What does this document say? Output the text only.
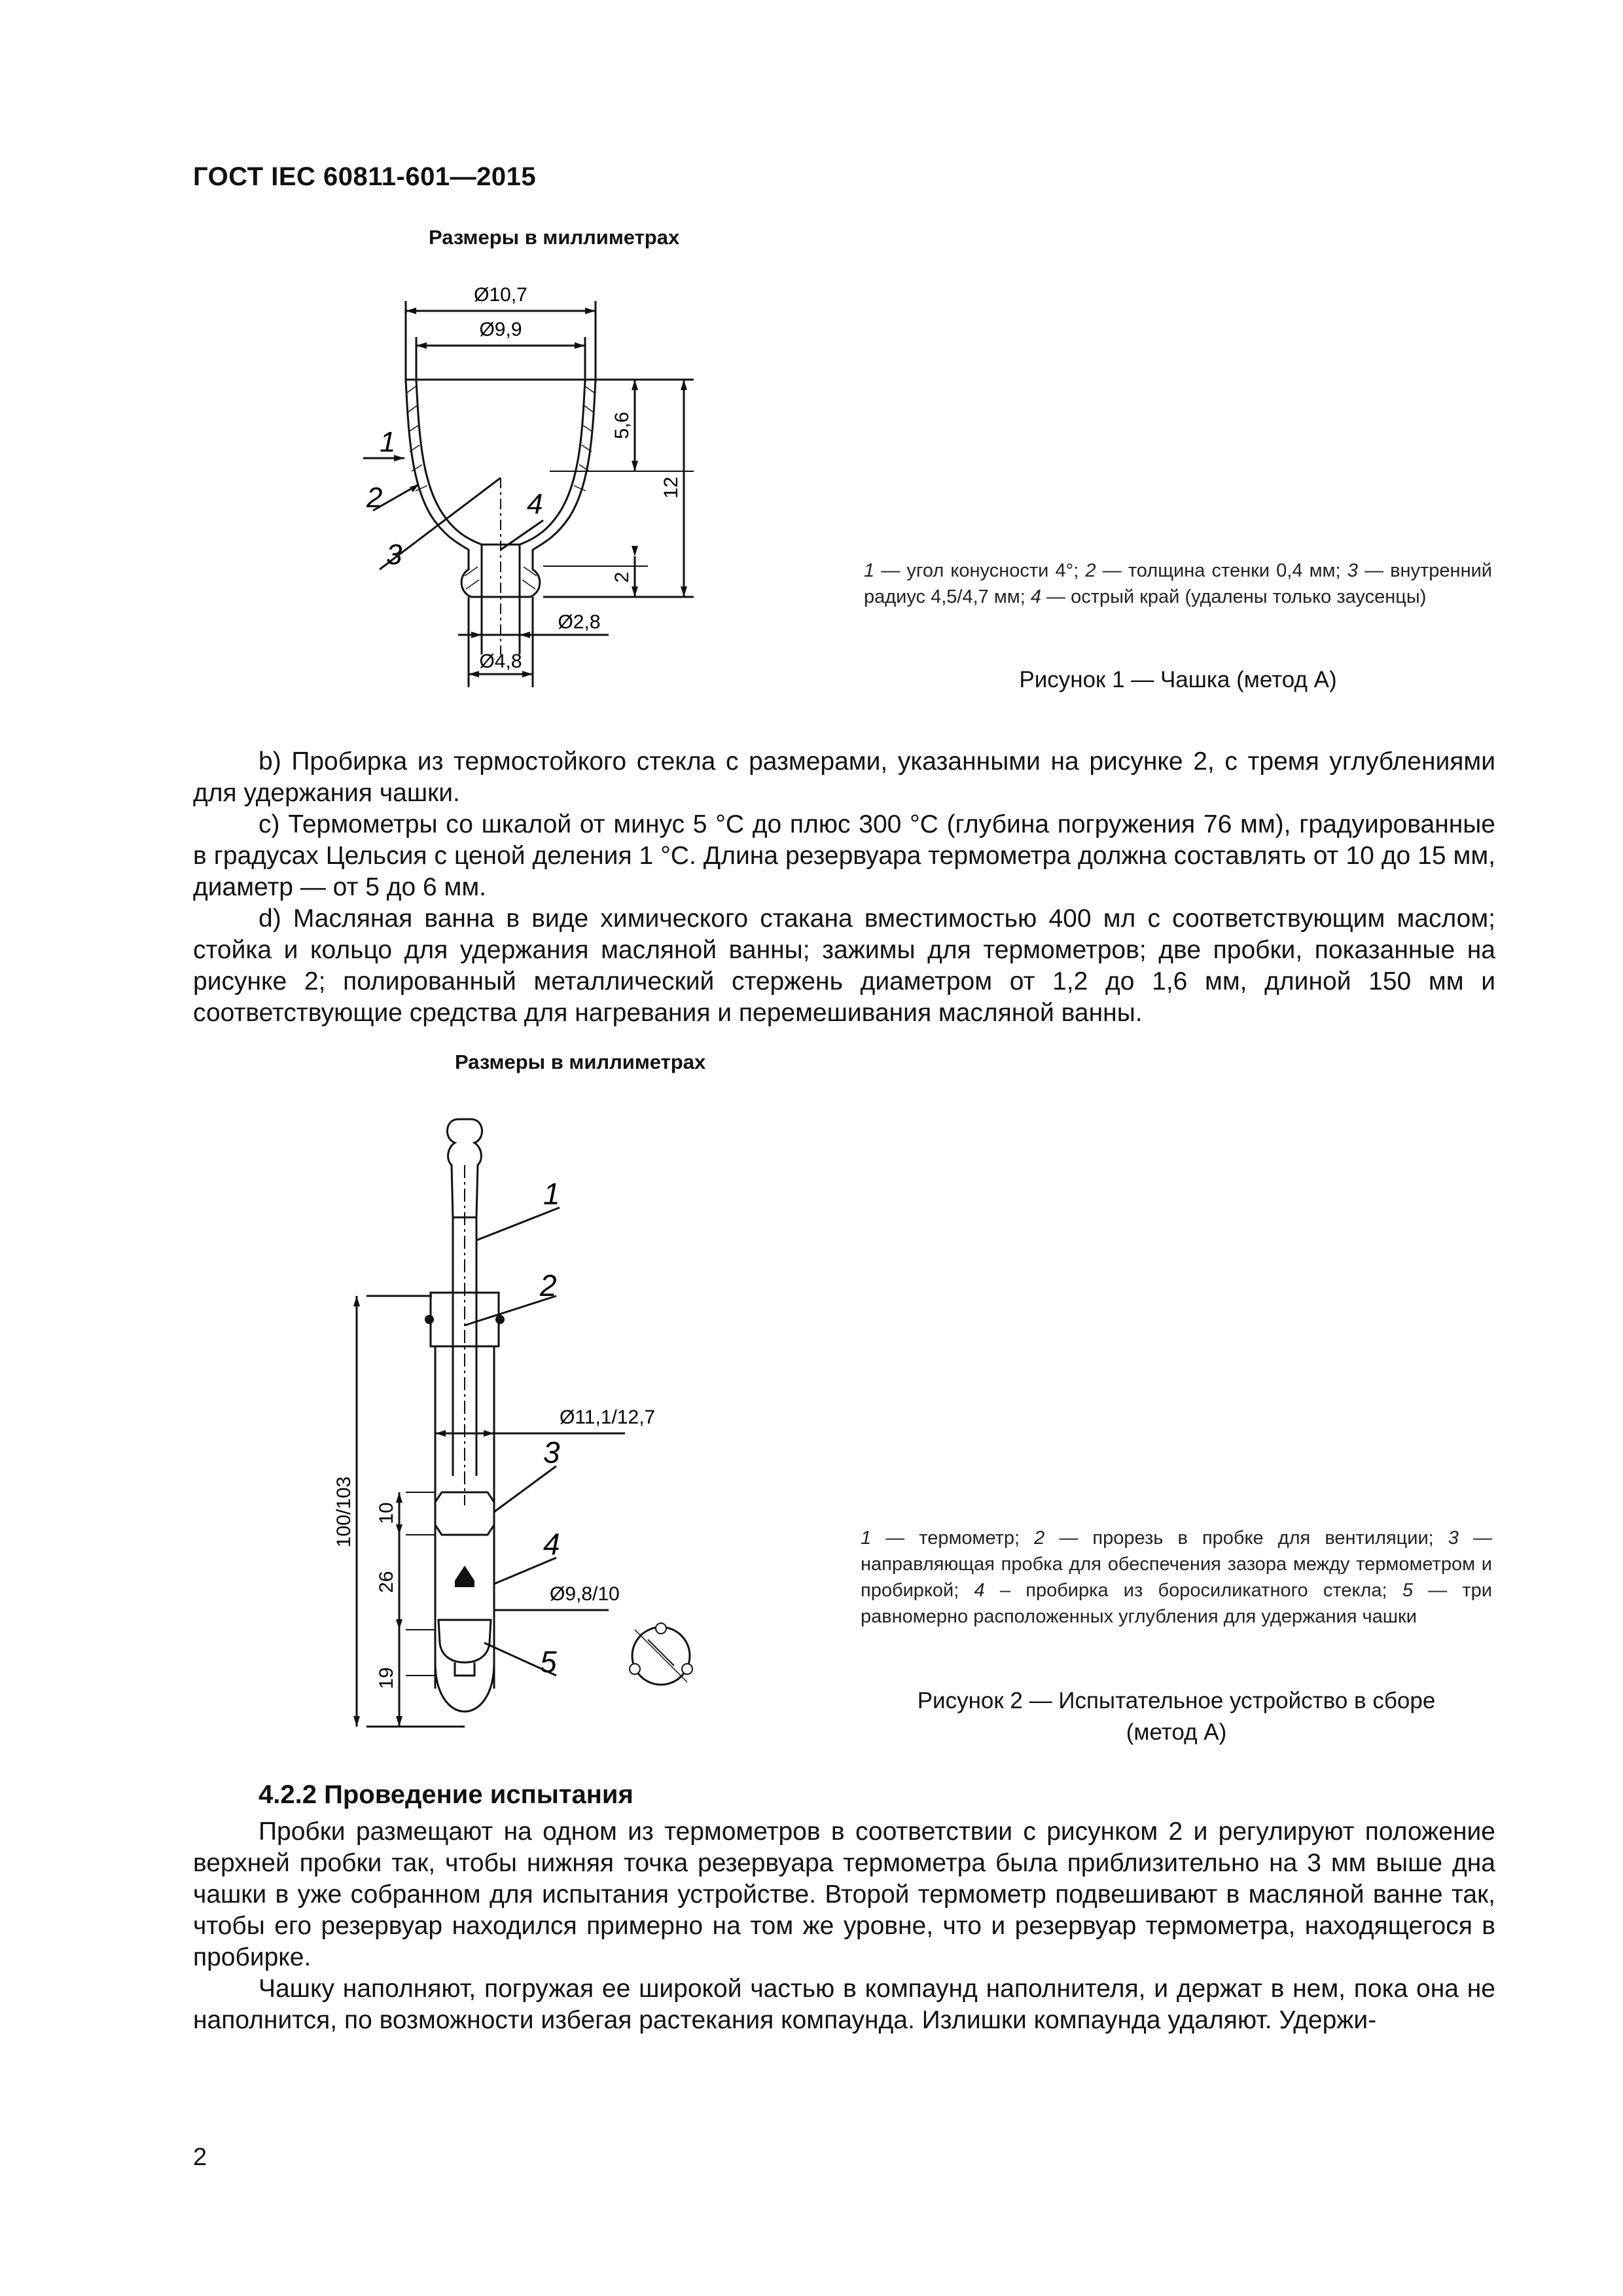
ГОСТ IEC 60811-601—2015
Размеры в миллиметрах
Ø10,7
Ø9,9
5,6
12
2
Ø2,8
Ø4,8
1
2
3
4
1 — угол конусности 4°; 2 — толщина стенки 0,4 мм; 3 — внутренний радиус 4,5/4,7 мм; 4 — острый край (удалены только заусенцы)
Рисунок 1 — Чашка (метод А)
b) Пробирка из термостойкого стекла с размерами, указанными на рисунке 2, с тремя углублениями для удержания чашки.
c) Термометры со шкалой от минус 5 °C до плюс 300 °C (глубина погружения 76 мм), градуированные в градусах Цельсия с ценой деления 1 °C. Длина резервуара термометра должна составлять от 10 до 15 мм, диаметр — от 5 до 6 мм.
d) Масляная ванна в виде химического стакана вместимостью 400 мл с соответствующим маслом; стойка и кольцо для удержания масляной ванны; зажимы для термометров; две пробки, показанные на рисунке 2; полированный металлический стержень диаметром от 1,2 до 1,6 мм, длиной 150 мм и соответствующие средства для нагревания и перемешивания масляной ванны.
Размеры в миллиметрах
100/103 10
26
19
Ø11,1/12,7
Ø9,8/10
1
2
3
4
5
1 — термометр; 2 — прорезь в пробке для вентиляции; 3 — направляющая пробка для обеспечения зазора между термометром и пробиркой; 4 – пробирка из боросиликатного стекла; 5 — три равномерно расположенных углубления для удержания чашки
Рисунок 2 — Испытательное устройство в сборе
(метод А)
4.2.2 Проведение испытания
Пробки размещают на одном из термометров в соответствии с рисунком 2 и регулируют положение верхней пробки так, чтобы нижняя точка резервуара термометра была приблизительно на 3 мм выше дна чашки в уже собранном для испытания устройстве. Второй термометр подвешивают в масляной ванне так, чтобы его резервуар находился примерно на том же уровне, что и резервуар термометра, находящегося в пробирке.
Чашку наполняют, погружая ее широкой частью в компаунд наполнителя, и держат в нем, пока она не наполнится, по возможности избегая растекания компаунда. Излишки компаунда удаляют. Удержи-
2
